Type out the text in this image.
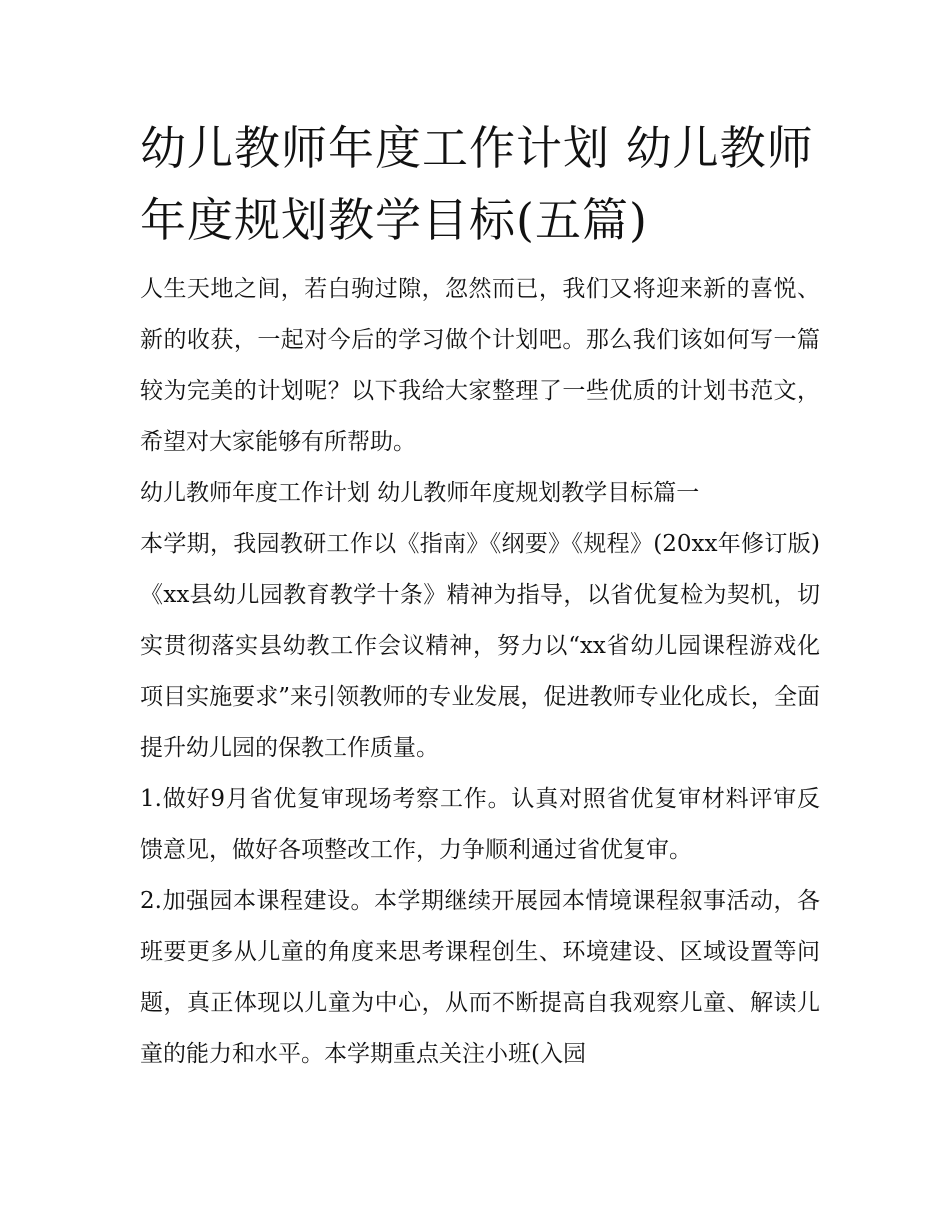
幼儿教师年度工作计划 幼儿教师年度规划教学目标(五篇)

人生天地之间，若白驹过隙，忽然而已，我们又将迎来新的喜悦、新的收获，一起对今后的学习做个计划吧。那么我们该如何写一篇较为完美的计划呢？以下我给大家整理了一些优质的计划书范文，希望对大家能够有所帮助。

幼儿教师年度工作计划 幼儿教师年度规划教学目标篇一

本学期，我园教研工作以《指南》《纲要》《规程》(20xx年修订版)《xx县幼儿园教育教学十条》精神为指导，以省优复检为契机，切实贯彻落实县幼教工作会议精神，努力以“xx省幼儿园课程游戏化项目实施要求”来引领教师的专业发展，促进教师专业化成长，全面提升幼儿园的保教工作质量。

1.做好9月省优复审现场考察工作。认真对照省优复审材料评审反馈意见，做好各项整改工作，力争顺利通过省优复审。

2.加强园本课程建设。本学期继续开展园本情境课程叙事活动，各班要更多从儿童的角度来思考课程创生、环境建设、区域设置等问题，真正体现以儿童为中心，从而不断提高自我观察儿童、解读儿童的能力和水平。本学期重点关注小班(入园
